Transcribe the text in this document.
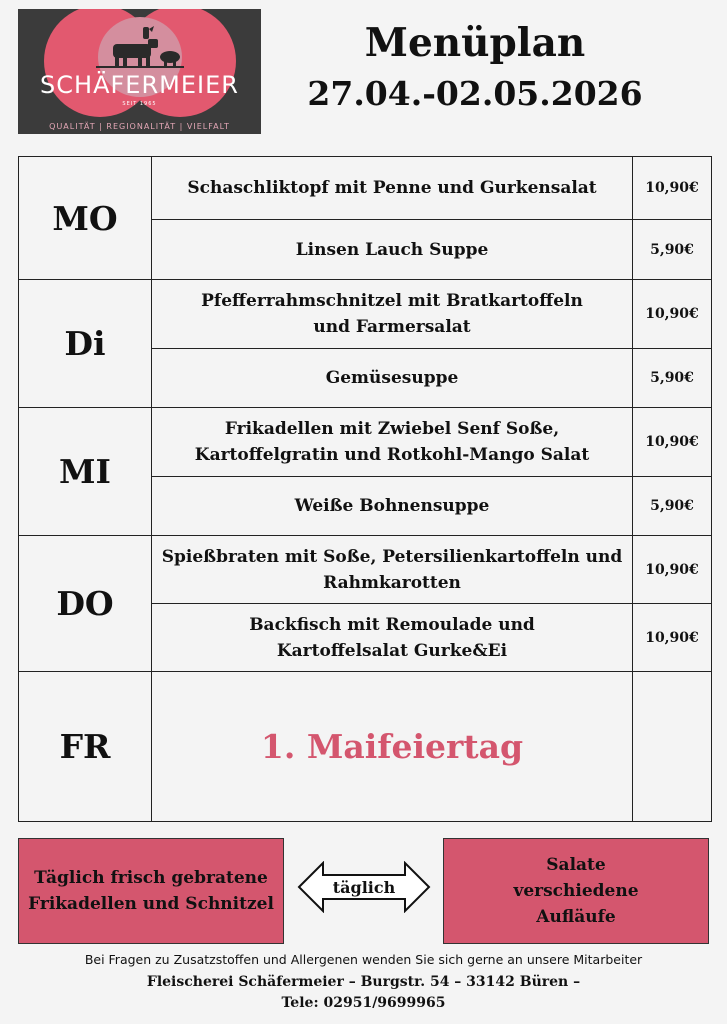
SCHÄFERMEIER
SEIT 1965
QUALITÄT | REGIONALITÄT | VIELFALT
Menüplan
27.04.-02.05.2026
MO	Schaschliktopf mit Penne und Gurkensalat	10,90€
	Linsen Lauch Suppe	5,90€
Di	Pfefferrahmschnitzel mit Bratkartoffeln
und Farmersalat	10,90€
	Gemüsesuppe	5,90€
MI	Frikadellen mit Zwiebel Senf Soße,
Kartoffelgratin und Rotkohl-Mango Salat	10,90€
	Weiße Bohnensuppe	5,90€
DO	Spießbraten mit Soße, Petersilienkartoffeln und
Rahmkarotten	10,90€
	Backfisch mit Remoulade und
Kartoffelsalat Gurke&Ei	10,90€
FR	1. Maifeiertag	
Täglich frisch gebratene
Frikadellen und Schnitzel
täglich
Salate
verschiedene
Aufläufe
Bei Fragen zu Zusatzstoffen und Allergenen wenden Sie sich gerne an unsere Mitarbeiter
Fleischerei Schäfermeier – Burgstr. 54 – 33142 Büren –
Tele: 02951/9699965
